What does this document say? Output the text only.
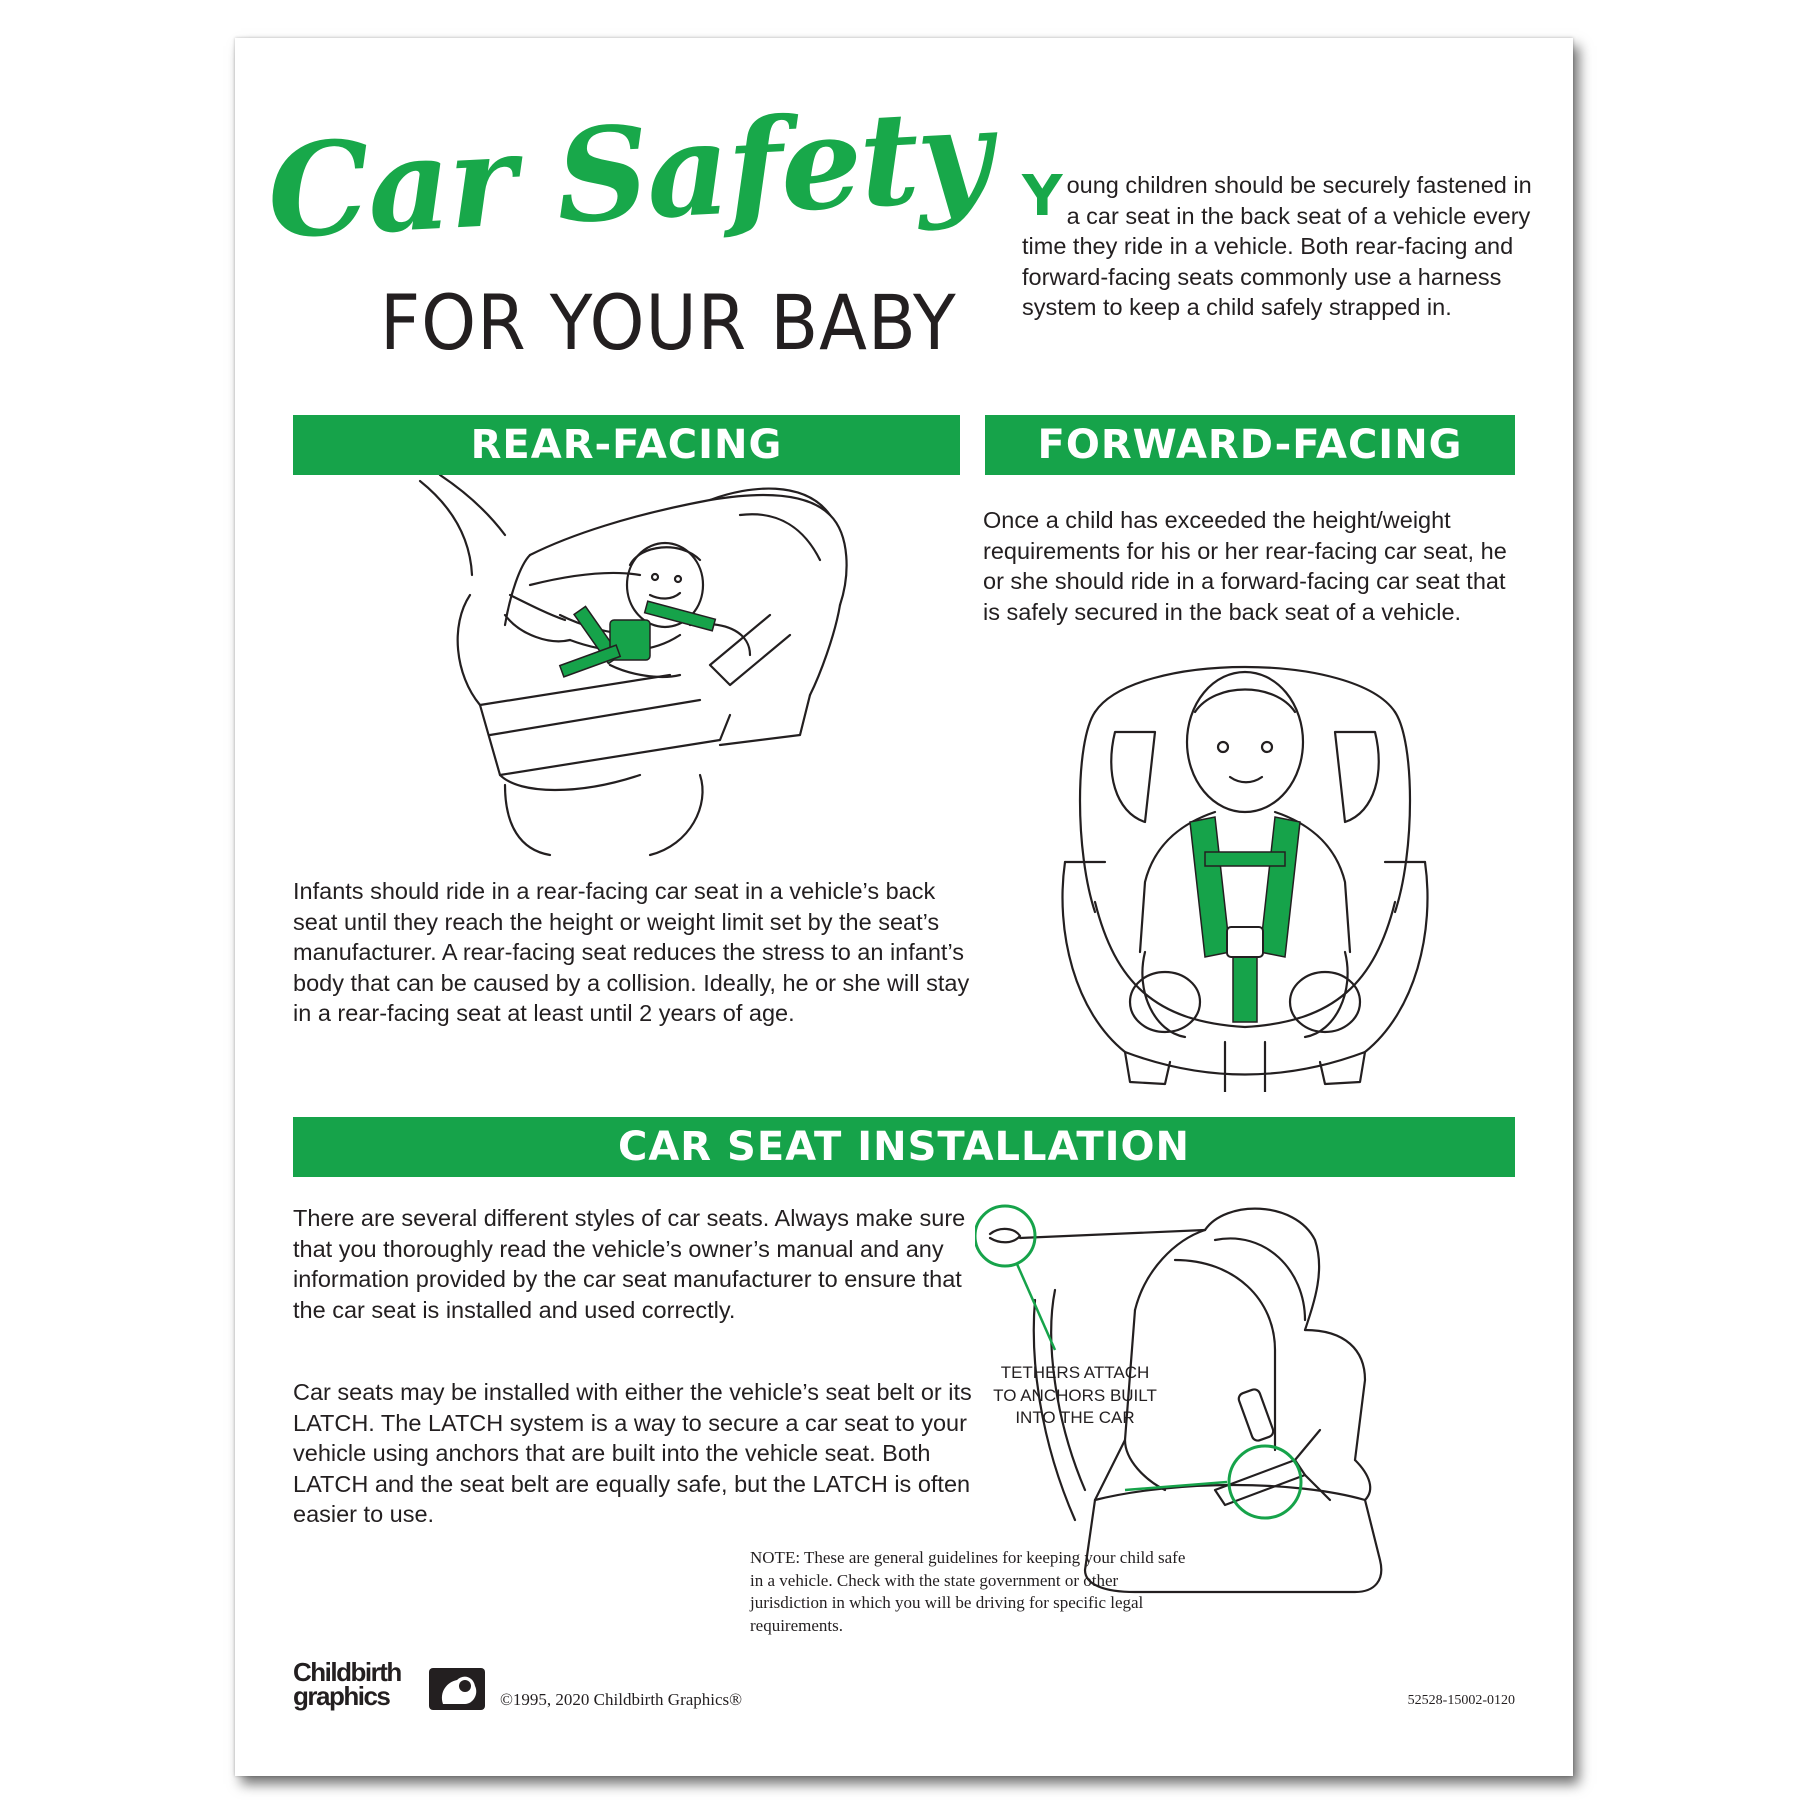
Car Safety
FOR YOUR BABY
Young children should be securely fastened in a car seat in the back seat of a vehicle every time they ride in a vehicle. Both rear-facing and forward-facing seats commonly use a harness system to keep a child safely strapped in.
REAR-FACING	FORWARD-FACING
Once a child has exceeded the height/weight requirements for his or her rear-facing car seat, he or she should ride in a forward-facing car seat that is safely secured in the back seat of a vehicle.
Infants should ride in a rear-facing car seat in a vehicle’s back seat until they reach the height or weight limit set by the seat’s manufacturer. A rear-facing seat reduces the stress to an infant’s body that can be caused by a collision. Ideally, he or she will stay in a rear-facing seat at least until 2 years of age.
CAR SEAT INSTALLATION
There are several different styles of car seats. Always make sure that you thoroughly read the vehicle’s owner’s manual and any information provided by the car seat manufacturer to ensure that the car seat is installed and used correctly.
Car seats may be installed with either the vehicle’s seat belt or its LATCH. The LATCH system is a way to secure a car seat to your vehicle using anchors that are built into the vehicle seat. Both LATCH and the seat belt are equally safe, but the LATCH is often easier to use.
TETHERS ATTACH TO ANCHORS BUILT INTO THE CAR
NOTE: These are general guidelines for keeping your child safe in a vehicle. Check with the state government or other jurisdiction in which you will be driving for specific legal requirements.
Childbirth
graphics	©1995, 2020 Childbirth Graphics®	52528-15002-0120
